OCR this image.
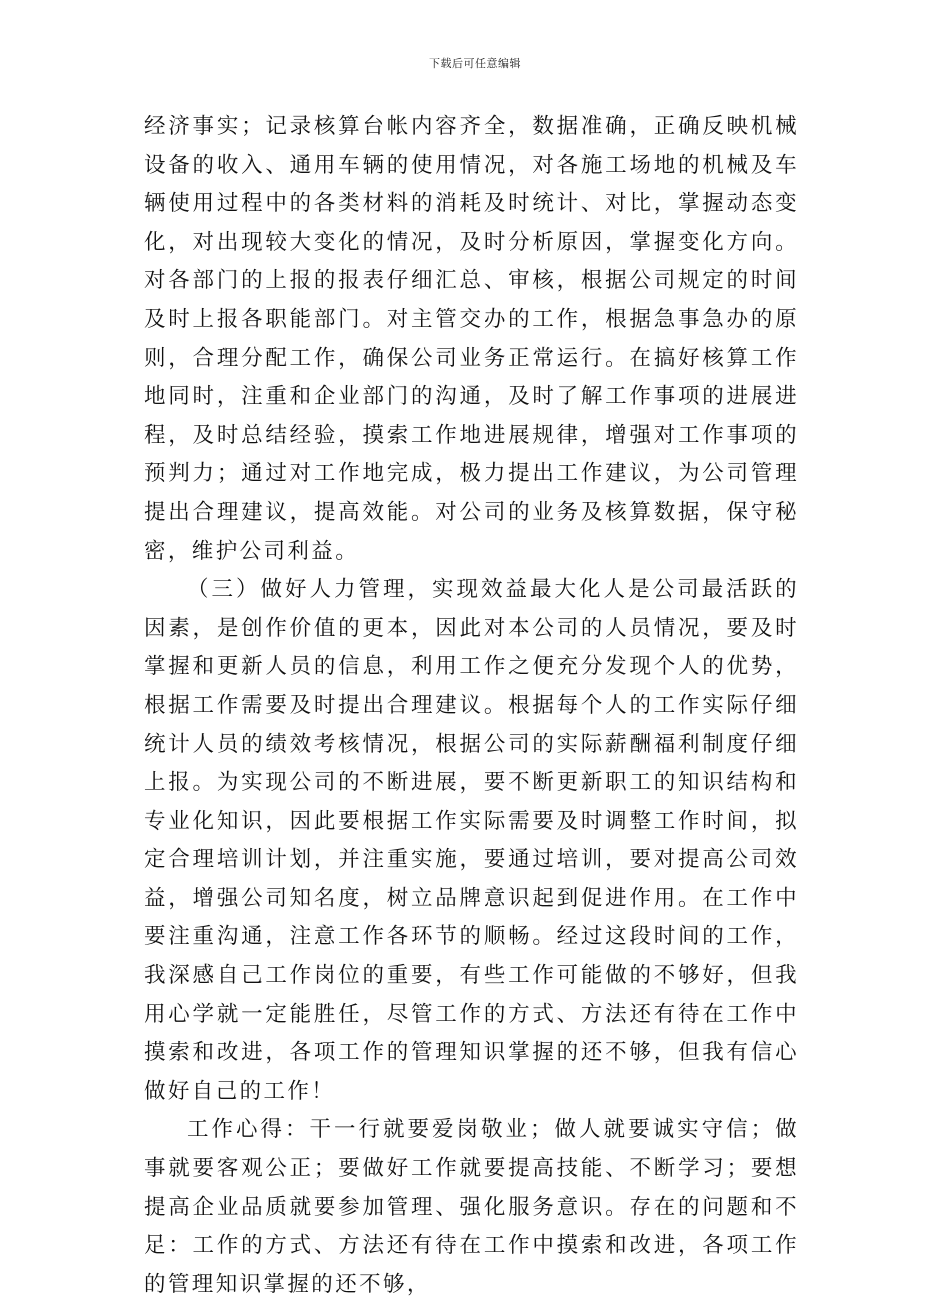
下载后可任意编辑

经济事实；记录核算台帐内容齐全，数据准确，正确反映机械设备的收入、通用车辆的使用情况，对各施工场地的机械及车辆使用过程中的各类材料的消耗及时统计、对比，掌握动态变化，对出现较大变化的情况，及时分析原因，掌握变化方向。对各部门的上报的报表仔细汇总、审核，根据公司规定的时间及时上报各职能部门。对主管交办的工作，根据急事急办的原则，合理分配工作，确保公司业务正常运行。在搞好核算工作地同时，注重和企业部门的沟通，及时了解工作事项的进展进程，及时总结经验，摸索工作地进展规律，增强对工作事项的预判力；通过对工作地完成，极力提出工作建议，为公司管理提出合理建议，提高效能。对公司的业务及核算数据，保守秘密，维护公司利益。

（三）做好人力管理，实现效益最大化人是公司最活跃的因素，是创作价值的更本，因此对本公司的人员情况，要及时掌握和更新人员的信息，利用工作之便充分发现个人的优势，根据工作需要及时提出合理建议。根据每个人的工作实际仔细统计人员的绩效考核情况，根据公司的实际薪酬福利制度仔细上报。为实现公司的不断进展，要不断更新职工的知识结构和专业化知识，因此要根据工作实际需要及时调整工作时间，拟定合理培训计划，并注重实施，要通过培训，要对提高公司效益，增强公司知名度，树立品牌意识起到促进作用。在工作中要注重沟通，注意工作各环节的顺畅。经过这段时间的工作，我深感自己工作岗位的重要，有些工作可能做的不够好，但我用心学就一定能胜任，尽管工作的方式、方法还有待在工作中摸索和改进，各项工作的管理知识掌握的还不够，但我有信心做好自己的工作！

工作心得：干一行就要爱岗敬业；做人就要诚实守信；做事就要客观公正；要做好工作就要提高技能、不断学习；要想提高企业品质就要参加管理、强化服务意识。存在的问题和不足：工作的方式、方法还有待在工作中摸索和改进，各项工作的管理知识掌握的还不够，
